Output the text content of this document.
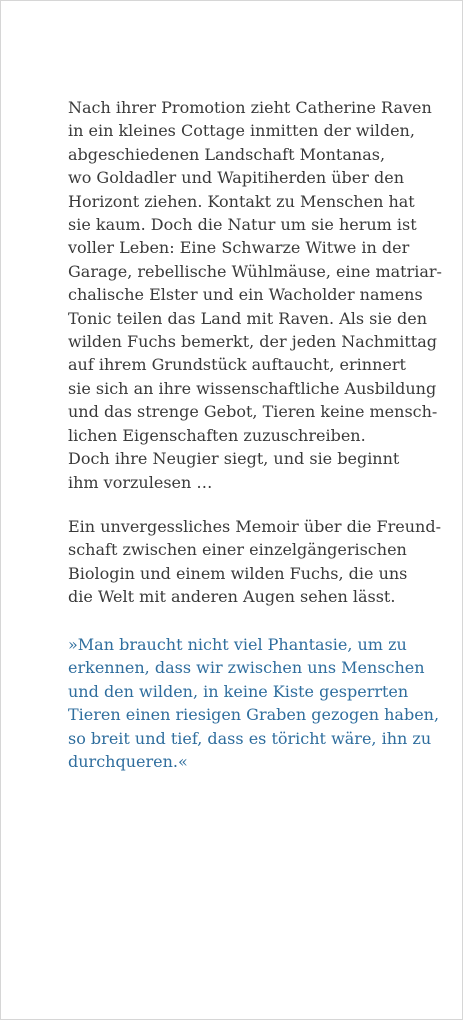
Nach ihrer Promotion zieht Catherine Raven
in ein kleines Cottage inmitten der wilden,
abgeschiedenen Landschaft Montanas,
wo Goldadler und Wapitiherden über den
Horizont ziehen. Kontakt zu Menschen hat
sie kaum. Doch die Natur um sie herum ist
voller Leben: Eine Schwarze Witwe in der
Garage, rebellische Wühlmäuse, eine matriar-
chalische Elster und ein Wacholder namens
Tonic teilen das Land mit Raven. Als sie den
wilden Fuchs bemerkt, der jeden Nachmittag
auf ihrem Grundstück auftaucht, erinnert
sie sich an ihre wissenschaftliche Ausbildung
und das strenge Gebot, Tieren keine mensch-
lichen Eigenschaften zuzuschreiben.
Doch ihre Neugier siegt, und sie beginnt
ihm vorzulesen …
Ein unvergessliches Memoir über die Freund-
schaft zwischen einer einzelgängerischen
Biologin und einem wilden Fuchs, die uns
die Welt mit anderen Augen sehen lässt.
»Man braucht nicht viel Phantasie, um zu
erkennen, dass wir zwischen uns Menschen
und den wilden, in keine Kiste gesperrten
Tieren einen riesigen Graben gezogen haben,
so breit und tief, dass es töricht wäre, ihn zu
durchqueren.«
